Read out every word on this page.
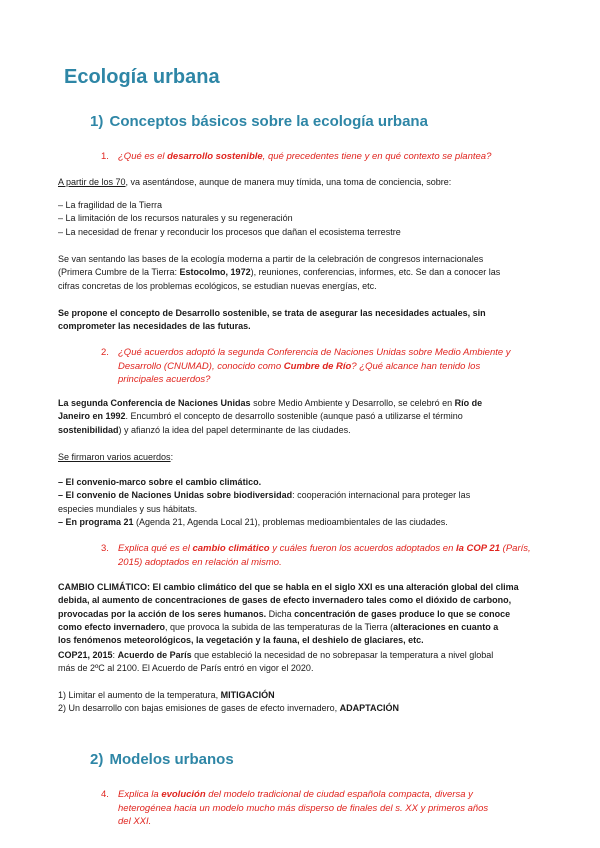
Ecología urbana
1) Conceptos básicos sobre la ecología urbana
1. ¿Qué es el desarrollo sostenible, qué precedentes tiene y en qué contexto se plantea?
A partir de los 70, va asentándose, aunque de manera muy tímida, una toma de conciencia, sobre:
– La fragilidad de la Tierra
– La limitación de los recursos naturales y su regeneración
– La necesidad de frenar y reconducir los procesos que dañan el ecosistema terrestre
Se van sentando las bases de la ecología moderna a partir de la celebración de congresos internacionales
(Primera Cumbre de la Tierra: Estocolmo, 1972), reuniones, conferencias, informes, etc. Se dan a conocer las
cifras concretas de los problemas ecológicos, se estudian nuevas energías, etc.
Se propone el concepto de Desarrollo sostenible, se trata de asegurar las necesidades actuales, sin
comprometer las necesidades de las futuras.
2. ¿Qué acuerdos adoptó la segunda Conferencia de Naciones Unidas sobre Medio Ambiente y
Desarrollo (CNUMAD), conocido como Cumbre de Río? ¿Qué alcance han tenido los
principales acuerdos?
La segunda Conferencia de Naciones Unidas sobre Medio Ambiente y Desarrollo, se celebró en Río de
Janeiro en 1992. Encumbró el concepto de desarrollo sostenible (aunque pasó a utilizarse el término
sostenibilidad) y afianzó la idea del papel determinante de las ciudades.
Se firmaron varios acuerdos:
– El convenio-marco sobre el cambio climático.
– El convenio de Naciones Unidas sobre biodiversidad: cooperación internacional para proteger las
especies mundiales y sus hábitats.
– En programa 21 (Agenda 21, Agenda Local 21), problemas medioambientales de las ciudades.
3. Explica qué es el cambio climático y cuáles fueron los acuerdos adoptados en la COP 21 (París,
2015) adoptados en relación al mismo.
CAMBIO CLIMÁTICO: El cambio climático del que se habla en el siglo XXI es una alteración global del clima
debida, al aumento de concentraciones de gases de efecto invernadero tales como el dióxido de carbono,
provocadas por la acción de los seres humanos. Dicha concentración de gases produce lo que se conoce
como efecto invernadero, que provoca la subida de las temperaturas de la Tierra (alteraciones en cuanto a
los fenómenos meteorológicos, la vegetación y la fauna, el deshielo de glaciares, etc.
COP21, 2015: Acuerdo de París que estableció la necesidad de no sobrepasar la temperatura a nivel global
más de 2ºC al 2100. El Acuerdo de París entró en vigor el 2020.
1) Limitar el aumento de la temperatura, MITIGACIÓN
2) Un desarrollo con bajas emisiones de gases de efecto invernadero, ADAPTACIÓN
2) Modelos urbanos
4. Explica la evolución del modelo tradicional de ciudad española compacta, diversa y
heterogénea hacia un modelo mucho más disperso de finales del s. XX y primeros años
del XXI.
